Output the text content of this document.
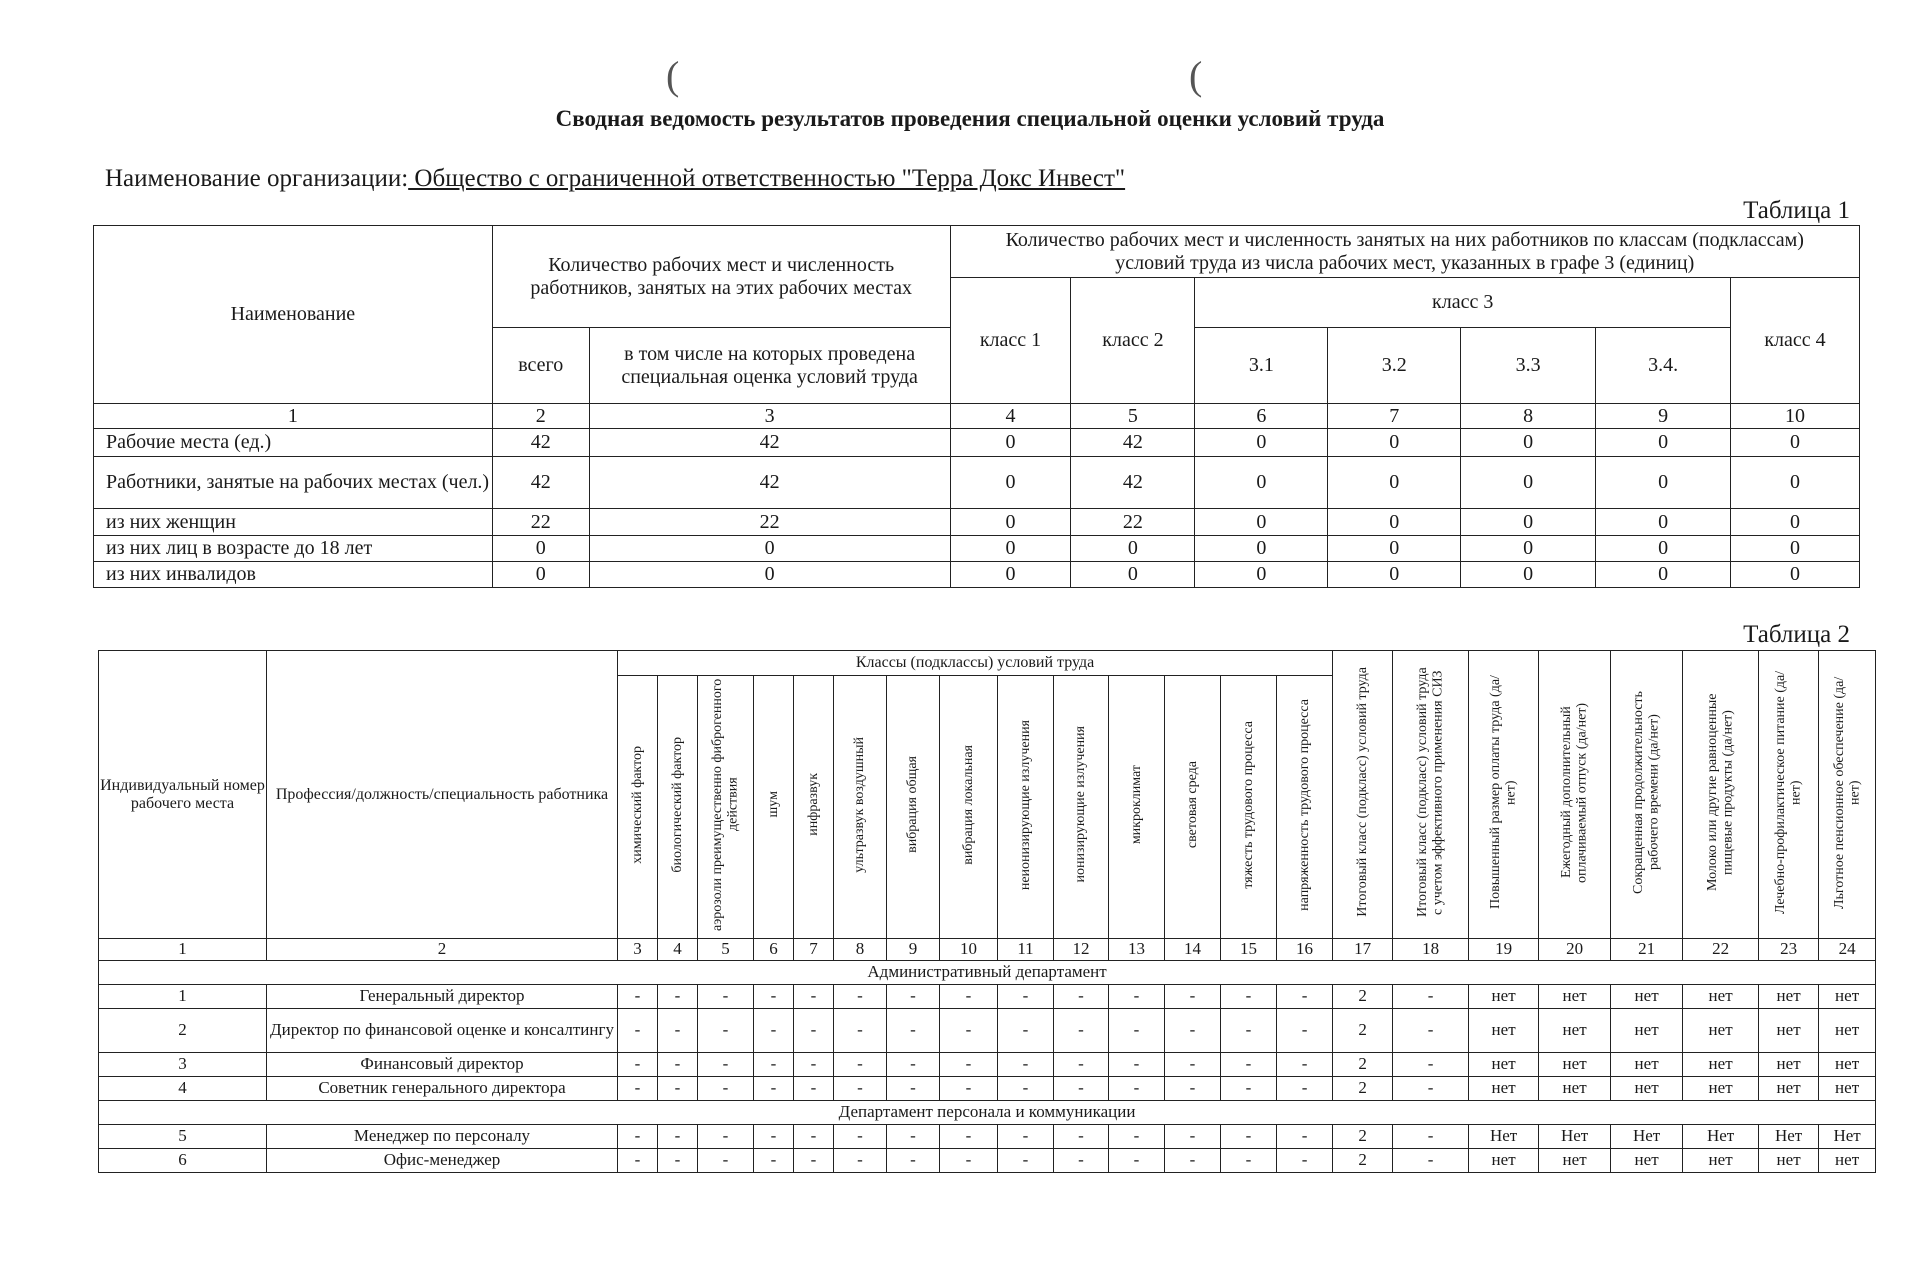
(	(
Сводная ведомость результатов проведения специальной оценки условий труда
Наименование организации: Общество с ограниченной ответственностью "Терра Докс Инвест"
Таблица 1
Наименование	Количество рабочих мест и численность работников, занятых на этих рабочих местах		Количество рабочих мест и численность занятых на них работников по классам (подклассам) условий труда из числа рабочих мест, указанных в графе 3 (единиц)						
			класс 1	класс 2	класс 3				класс 4
	всего	в том числе на которых проведена специальная оценка условий труда			3.1	3.2	3.3	3.4.	
1	2	3	4	5	6	7	8	9	10
Рабочие места (ед.)	42	42	0	42	0	0	0	0	0
Работники, занятые на рабочих местах (чел.)	42	42	0	42	0	0	0	0	0
из них женщин	22	22	0	22	0	0	0	0	0
из них лиц в возрасте до 18 лет	0	0	0	0	0	0	0	0	0
из них инвалидов	0	0	0	0	0	0	0	0	0
Таблица 2
Индивидуальный номер рабочего места	Профессия/должность/специальность работника	Классы (подклассы) условий труда														Итоговый класс (подкласс) условий труда	Итоговый класс (подкласс) условий труда с учетом эффективного применения СИЗ	Повышенный размер оплаты труда (да/нет)	Ежегодный дополнительный оплачиваемый отпуск (да/нет)	Сокращенная продолжительность рабочего времени (да/нет)	Молоко или другие равноценные пищевые продукты (да/нет)	Лечебно-профилактическое питание (да/нет)	Льготное пенсионное обеспечение (да/нет)
		химический фактор	биологический фактор	аэрозоли преимущественно фиброгенного действия	шум	инфразвук	ультразвук воздушный	вибрация общая	вибрация локальная	неионизирующие излучения	ионизирующие излучения	микроклимат	световая среда	тяжесть трудового процесса	напряженность трудового процесса								
1	2	3	4	5	6	7	8	9	10	11	12	13	14	15	16	17	18	19	20	21	22	23	24
Административный департамент																							
1	Генеральный директор	-	-	-	-	-	-	-	-	-	-	-	-	-	-	2	-	нет	нет	нет	нет	нет	нет
2	Директор по финансовой оценке и консалтингу	-	-	-	-	-	-	-	-	-	-	-	-	-	-	2	-	нет	нет	нет	нет	нет	нет
3	Финансовый директор	-	-	-	-	-	-	-	-	-	-	-	-	-	-	2	-	нет	нет	нет	нет	нет	нет
4	Советник генерального директора	-	-	-	-	-	-	-	-	-	-	-	-	-	-	2	-	нет	нет	нет	нет	нет	нет
Департамент персонала и коммуникации																							
5	Менеджер по персоналу	-	-	-	-	-	-	-	-	-	-	-	-	-	-	2	-	Нет	Нет	Нет	Нет	Нет	Нет
6	Офис-менеджер	-	-	-	-	-	-	-	-	-	-	-	-	-	-	2	-	нет	нет	нет	нет	нет	нет
